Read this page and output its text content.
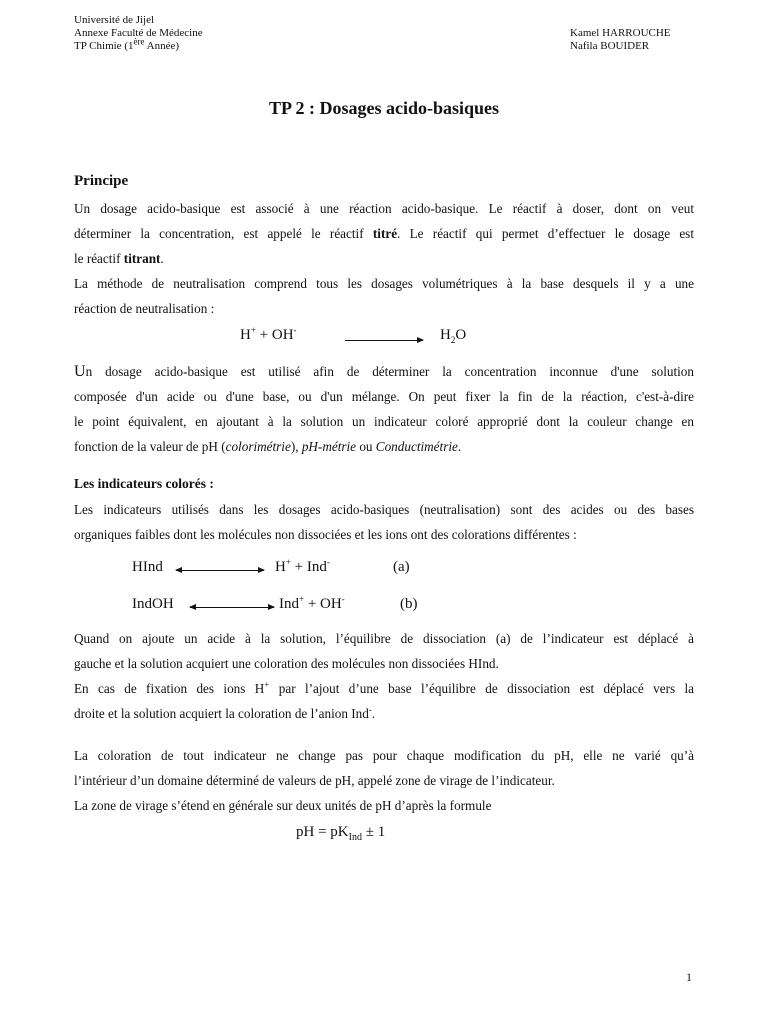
Université de Jijel
Annexe Faculté de Médecine
TP Chimie (1ère Année)
Kamel HARROUCHE
Nafila BOUIDER
TP 2 : Dosages acido-basiques
Principe
Un dosage acido-basique est associé à une réaction acido-basique. Le réactif à doser, dont on veut
déterminer la concentration, est appelé le réactif titré. Le réactif qui permet d’effectuer le dosage est
le réactif titrant.
La méthode de neutralisation comprend tous les dosages volumétriques à la base desquels il y a une
réaction de neutralisation :
H+ + OH-	$H_2O$
Un dosage acido-basique est utilisé afin de déterminer la concentration inconnue d'une solution
composée d'un acide ou d'une base, ou d'un mélange. On peut fixer la fin de la réaction, c'est-à-dire
le point équivalent, en ajoutant à la solution un indicateur coloré approprié dont la couleur change en
fonction de la valeur de pH (colorimétrie), pH-métrie ou Conductimétrie.
Les indicateurs colorés :
Les indicateurs utilisés dans les dosages acido-basiques (neutralisation) sont des acides ou des bases
organiques faibles dont les molécules non dissociées et les ions ont des colorations différentes :
HInd	H+ + Ind-	(a)
IndOH	Ind+ + OH-	(b)
Quand on ajoute un acide à la solution, l’équilibre de dissociation (a) de l’indicateur est déplacé à
gauche et la solution acquiert une coloration des molécules non dissociées HInd.
En cas de fixation des ions H+ par l’ajout d’une base l’équilibre de dissociation est déplacé vers la
droite et la solution acquiert la coloration de l’anion Ind-.
La coloration de tout indicateur ne change pas pour chaque modification du pH, elle ne varié qu’à
l’intérieur d’un domaine déterminé de valeurs de pH, appelé zone de virage de l’indicateur.
La zone de virage s’étend en générale sur deux unités de pH d’après la formule
pH = $pK_{Ind} \pm 1$
1
